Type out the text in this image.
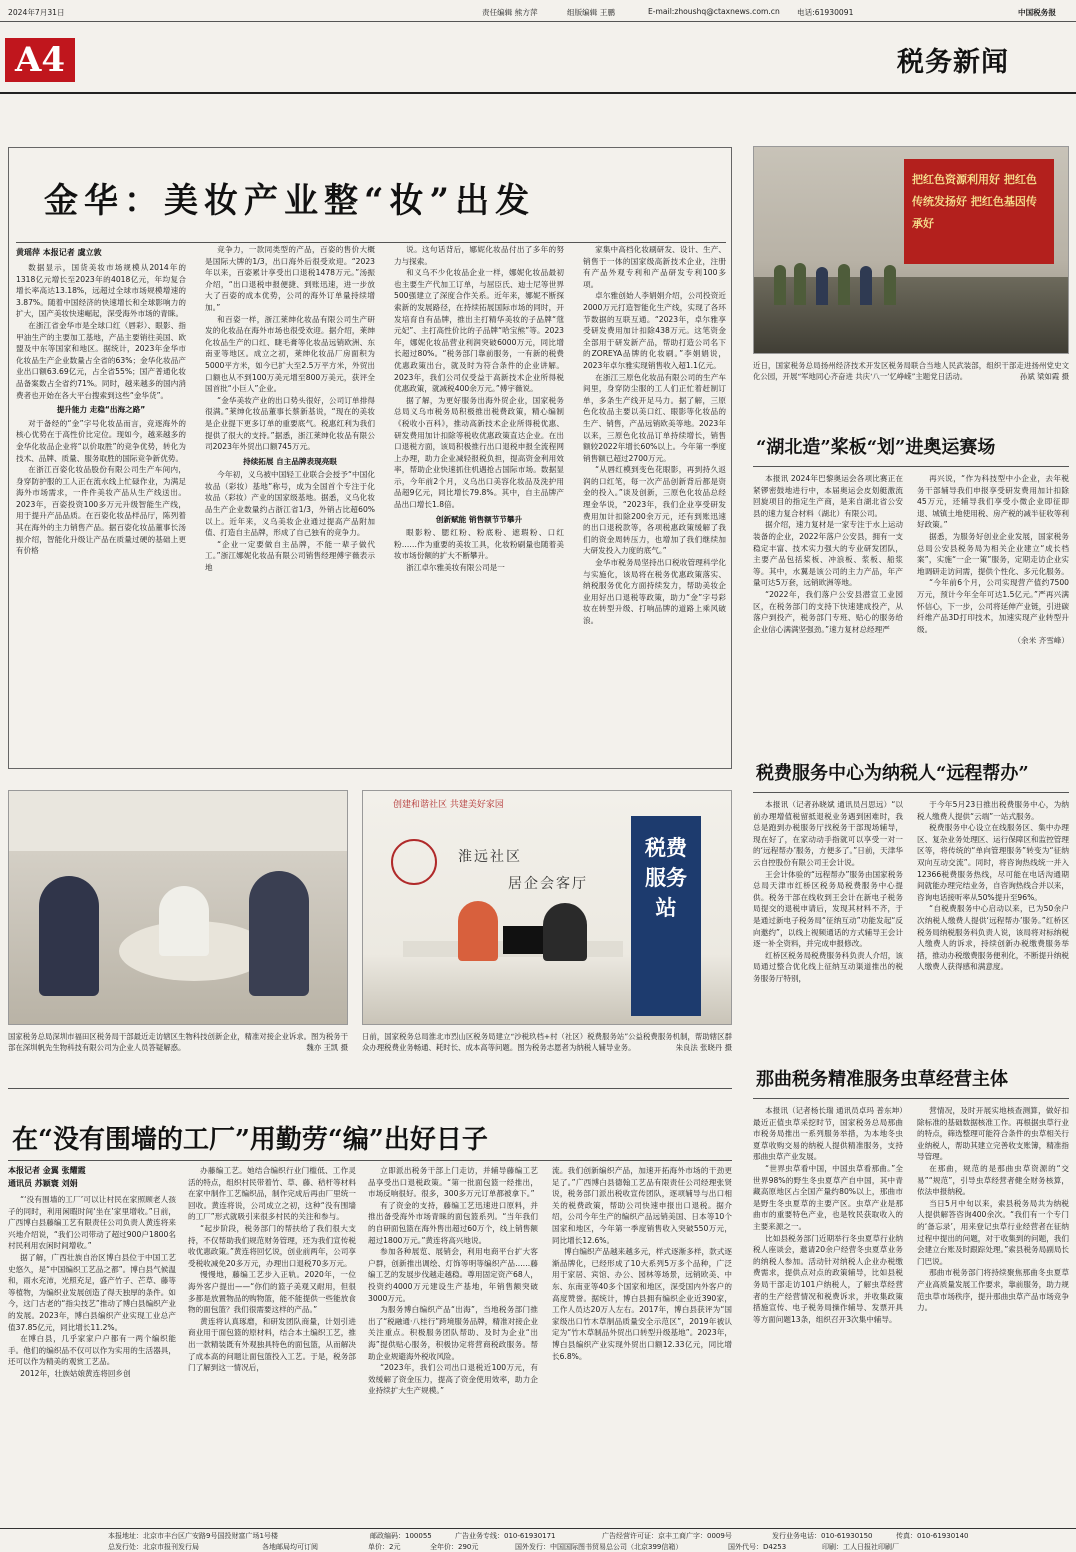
2024年7月31日	责任编辑 熊方萍	组版编辑 王鹏	E-mail:zhoushq@ctaxnews.com.cn 电话:61930091	中国税务报
A4	税务新闻
金华：美妆产业整“妆”出发
黄瑶萍 本报记者 虞立敦

数据显示，国货美妆市场规模从2014年的1318亿元增长至2023年的4018亿元，年均复合增长率高达13.18%，远超过全球市场规模增速的3.87%。随着中国经济的快速增长和全球影响力的扩大，国产美妆快速崛起，深受海外市场的青睐。

在浙江省金华市是全球口红（唇彩）、眼影、指甲油生产的主要加工基地，产品主要销往美国、欧盟及中东等国家和地区。据统计，2023年金华市化妆品生产企业数量占全省的63%；金华化妆品产业出口额63.69亿元，占全省55%；国产普通化妆品备案数占全省约71%。同时，越来越多的国内消费者也开始在各大平台搜索到这些“金华货”。

提升能力 走稳“出海之路”

对于备经的“金”字号化妆品而言，竞逐海外的核心优势在于高性价比定位。现如今，越来越多的金华化妆品企业将“以价取胜”的竞争优势，转化为技术、品牌、质量、服务取胜的国际竞争新优势。

在浙江百姿化妆品股份有限公司生产车间内，身穿防护服的工人正在流水线上忙碌作业，为满足海外市场需求，一件件美妆产品从生产线送出。2023年，百姿投资100多万元升级智能生产线，用于提升产品品质。在百姿化妆品样品厅，陈列着其在海外的主力销售产品。据百姿化妆品董事长汤振介绍，智能化升级让产品在质量过硬的基础上更有价格

竞争力，一款同类型的产品，百姿的售价大概是国际大牌的1/3，出口海外后很受欢迎。“2023年以来，百姿累计享受出口退税1478万元。”汤振介绍，“出口退税申报便捷、到账迅速，进一步放大了百姿的成本优势，公司的海外订单量持续增加。”

和百姿一样，浙江莱绅化妆品有限公司生产研发的化妆品在海外市场也很受欢迎。据介绍，莱绅化妆品生产的口红、睫毛膏等化妆品远销欧洲、东南亚等地区。成立之初，莱绅化妆品厂房面积为5000平方米，如今已扩大至2.5万平方米，外贸出口额也从不到100万美元增至800万美元，获评全国首批“小巨人”企业。

“金华美妆产业的出口势头很好，公司订单排得很满。”莱绅化妆品董事长蔡新基说，“现在的美妆是企业提下更多订单的重要底气。税惠红利为我们提供了很大的支持。”据悉，浙江莱绅化妆品有限公司2023年外贸出口额745万元。

持续拓展 自主品牌表现亮眼

今年初，义乌被中国轻工业联合会授予“中国化妆品（彩妆）基地”称号，成为全国首个专注于化妆品（彩妆）产业的国家级基地。据悉，义乌化妆品生产企业数量约占浙江省1/3，外销占比超60%以上。近年来，义乌美妆企业通过提高产品附加值、打造自主品牌，形成了自己独有的竞争力。

“企业一定要做自主品牌，不能一辈子做代工。”浙江娜妮化妆品有限公司销售经理傅宇薇表示地

说。这句话背后，娜妮化妆品付出了多年的努力与探索。

和义乌不少化妆品企业一样，娜妮化妆品最初也主要生产代加工订单，与屈臣氏、迪士尼等世界500强建立了深度合作关系。近年来，娜妮不断探索新的发展路径，在持续拓展国际市场的同时，开发培育自有品牌，推出主打精华美妆的子品牌“蔻元妃”、主打高性价比的子品牌“哈宝熊”等。2023年，娜妮化妆品营业利润突破6000万元，同比增长超过80%。“税务部门靠前服务，一有新的税费优惠政策出台，就及时为符合条件的企业讲解。2023年，我们公司仅受益于高新技术企业所得税优惠政策，就减税400余万元。”傅宇薇说。

据了解，为更好服务出海外贸企业，国家税务总局义乌市税务局积极推出税费政策，精心编制《税收小百科》，推动高新技术企业所得税优惠、研发费用加计扣除等税收优惠政策直达企业。在出口退税方面，该局积极推行出口退税申报全流程网上办理，助力企业减轻报税负担，提高资金利用效率，帮助企业快速抓住机遇抢占国际市场。数据显示，今年前2个月，义乌出口美容化妆品及洗护用品超9亿元，同比增长79.8%。其中，自主品牌产品出口增长1.8倍。

创新赋能 销售额节节攀升

眼影粉、腮红粉、粉底粉、遮瑕粉、口红粉……作为重要的美妆工具，化妆粉刷量也随着美妆市场份额的扩大不断攀升。

浙江卓尔雅美妆有限公司是一

家集中高档化妆刷研发、设计、生产、销售于一体的国家级高新技术企业，注册有产品外观专利和产品研发专利100多项。

卓尔雅创始人李娟娟介绍，公司投资近2000万元打造智能化生产线，实现了各环节数据的互联互通。“2023年，卓尔雅享受研发费用加计扣除438万元。这笔资金全部用于研发新产品，帮助打造公司名下的ZOREYA品牌的化妆刷。”李娟娟说，2023年卓尔雅实现销售收入超1.1亿元。

在浙江三原色化妆品有限公司的生产车间里，身穿防尘服的工人们正忙着赶制订单，多条生产线开足马力。据了解，三原色化妆品主要以美口红、眼影等化妆品的生产、销售，产品远销欧美等地。2023年以来，三原色化妆品订单持续增长，销售额较2022年增长60%以上。今年第一季度销售额已超过2700万元。

“从唇红模到变色花眼影，再到持久返润的口红笔，每一次产品创新背后都是资金的投入。”谈及创新，三原色化妆品总经理金华说，“2023年，我们企业享受研发费用加计扣除200余万元，还有到账迅速的出口退税款等，各项税惠政策缓解了我们的资金周转压力，也增加了我们继续加大研发投入力度的底气。”

金华市税务局坚持出口税收管理科学化与实施化，该局将在税务优惠政策落实、纳税服务优化方面持续发力，帮助美妆企业用好出口退税等政策，助力“金”字号彩妆在转型升级、打响品牌的道路上乘风破浪。

把红色资源利用好 把红色传统发扬好 把红色基因传承好
近日，国家税务总局扬州经济技术开发区税务局联合当地人民武装部，组织干部走进扬州党史文化公园，开展“军地同心齐奋进 共庆‘八一’忆峥嵘”主题党日活动。	孙斌 梁如霞 摄
“湖北造”桨板“划”进奥运赛场

本报讯 2024年巴黎奥运会各项比赛正在紧锣密鼓地进行中，本届奥运会皮划艇激流回旋项目的指定生产商，是来自湖北省公安县的速力复合材料（湖北）有限公司。

据介绍，速力复材是一家专注于水上运动装备的企业，2022年落户公安县，拥有一支稳定丰富、技术实力强大的专业研发团队，主要产品包括桨板、冲浪板、浆板、船浆等。其中，水翼是该公司的主力产品，年产量可达5万套，远销欧洲等地。

“2022年，我们落户公安县潜宣工业园区，在税务部门的支持下快速建成投产，从落户到投产，税务部门专班、贴心的服务给企业信心满满坚强劲。”速力复材总经理严

再兴说，“作为科技型中小企业，去年税务干部辅导我们申报享受研发费用加计扣除45万元，还辅导我们享受小微企业即征即退、城镇土地使用税、房产税的减半征收等利好政策。”

据悉，为服务好创业企业发展，国家税务总局公安县税务局为相关企业建立“成长档案”，实施“一企一策”服务，定期走访企业实地调研走访问需，提供个性化、多元化服务。

“今年前6个月，公司实现营产值约7500万元，预计今年全年可达1.5亿元。”严再兴满怀信心，下一步，公司将延伸产业链，引进碳纤维产品3D打印技术，加速实现产业转型升级。

（余米 齐雪峰）

税费服务中心为纳税人“远程帮办”

本报讯（记者孙晓斌 通讯员吕思远）“以前办理增值税留抵退税业务遇到困难时，我总是跑到办税服务厅找税务干部现场辅导，现在好了，在家动动手指就可以享受一对一的‘远程帮办’服务，方便多了。”日前，天津华云自控股份有限公司王会计说。

王会计体验的“远程帮办”服务由国家税务总局天津市红桥区税务局税费服务中心提供。税务干部在线收到王会计在新电子税务局提交的退税申请后，发现其材料不齐，于是通过新电子税务局“征纳互动”功能发起“反向邀约”，以线上视频通话的方式辅导王会计逐一补全资料，并完成申报修改。

红桥区税务局税费服务科负责人介绍，该局通过整合优化线上征纳互动渠道推出的税务服务厅特别，

于今年5月23日推出税费服务中心，为纳税人缴费人提供“云端”一站式服务。

税费服务中心设立在线服务区、集中办理区、复杂业务处理区、运行保障区和监控管理区等，将传统的“单向管理服务”转变为“征纳双向互动交流”。同时，将咨询热线统一并入12366税费服务热线，尽可能在电话沟通期间就能办理完结业务，自咨询热线合并以来，咨询电话接听率从50%提升至96%。

“自税费服务中心启动以来，已为50余户次纳税人缴费人提供‘远程帮办’服务。”红桥区税务局纳税服务科负责人说，该局将对标纳税人缴费人的诉求，持续创新办税缴费服务举措，推动办税缴费服务便利化，不断提升纳税人缴费人获得感和满意度。

国家税务总局深圳市福田区税务局干部最近走访辖区生物科技创新企业，精准对接企业诉求。图为税务干部在深圳帆先生物科技有限公司为企业人员答疑解惑。	魏亦 王凯 摄
创建和谐社区 共建美好家园
淮远社区
居企会客厅
税费服务站
日前，国家税务总局淮北市烈山区税务局建立“沙税玖档+村（社区）税费服务站”公益税费服务机制，帮助辖区群众办理税费业务畅通、耗时长、成本高等问题。图为税务志愿者为纳税人辅导业务。	朱良法 张晓丹 摄
那曲税务精准服务虫草经营主体

本报讯（记者杨长瑞 通讯员卓玛 普东坤）最近正值虫草采挖时节，国家税务总局那曲市税务局推出一系列服务举措，为本地冬虫夏草收购交易的纳税人提供精准服务，支持那曲虫草产业发展。

“世界虫草看中国，中国虫草看那曲。”全世界98%的野生冬虫夏草产自中国，其中青藏高原地区占全国产量约80%以上，那曲市是野生冬虫夏草的主要产区。虫草产业是那曲市的重要特色产业，也是牧民获取收入的主要来源之一。

比如县税务部门近期举行冬虫夏草行业纳税人座谈会，邀请20余户经营冬虫夏草业务的纳税人参加。活动针对纳税人企业办税缴费需求，提供点对点的政策辅导，比如县税务局干部走访101户纳税人，了解虫草经营者的生产经营情况和税费诉求，并收集政策措施宣传、电子税务局操作辅导、发票开具等方面问题13条，组织召开3次集中辅导。

营情况，及时开展实地核查测算，做好扣除标准的基础数据核准工作。再根据虫草行业的特点，筛选整理可能符合条件的虫草相关行业纳税人，帮助其建立完善收支账簿，精准指导管理。

在那曲，规范的是那曲虫草资源的“交易”“规范”，引导虫草经营者健全财务核算，依法申报纳税。

当日5月中旬以来，索县税务局共为纳税人提供解答咨询400余次。“我们有一个专门的‘备忘录’，用来登记虫草行业经营者在征纳过程中提出的问题，对于收集到的问题，我们会建立台账及时跟踪处理。”索县税务局副局长门巴说。

那曲市税务部门将持续聚焦那曲冬虫夏草产业高质量发展工作要求，靠前服务，助力规范虫草市场秩序，提升那曲虫草产品市场竞争力。

在“没有围墙的工厂”用勤劳“编”出好日子
本报记者 金翼 张耀霞
通讯员 苏颖寰 刘娟

“‘没有围墙的工厂’可以让村民在家照顾老人孩子的同时，利用闲暇时间‘坐在’家里增收。”日前，广西博白县藤编工艺有限责任公司负责人黄连将来兴地介绍说，“我们公司带动了超过900户1800名村民利用农闲时间增收。”

据了解，广西壮族自治区博白县位于中国工艺史悠久，是“中国编织工艺品之都”。博白县气候温和，雨水充沛，光照充足，盛产竹子、芒草、藤等等植物，为编织业发展创造了得天独厚的条件。如今，这门古老的“指尖技艺”推动了博白县编织产业的发展。2023年，博白县编织产业实现工业总产值37.85亿元，同比增长11.2%。

在博白县，几乎家家户户都有一两个编织能手。他们的编织品不仅可以作为实用的生活器具，还可以作为精美的观赏工艺品。

2012年，壮族姑娘黄连将回乡创

办藤编工艺。她结合编织行业门槛低、工作灵活的特点，组织村民带着竹、草、藤、秸杆等材料在家中制作工艺编织品，制作完成后再由厂里统一回收。黄连将说，公司成立之初，这种“没有围墙的工厂”形式就吸引来很多村民的关注和参与。

“起步阶段，税务部门的帮扶给了我们很大支持，不仅帮助我们规范财务管理，还为我们宣传税收优惠政策。”黄连将回忆说，创业前两年，公司享受税收减免20多万元，办理出口退税70多万元。

慢慢地，藤编工艺步入正轨。2020年，一位海外客户提出——“你们的篮子美观又耐用，但很多都是放置物品的购物篮，能不能提供一些能放食物的面包篮？我们很需要这样的产品。”

黄连将认真琢磨，和研发团队商量，计划引进商业用于面包篮的原材料，结合本土编织工艺，推出一款精装既有外观独具特色的面包篮，从而解决了成本高的问题让面包篮投入工艺。于是，税务部门了解到这一情况后，

立即派出税务干部上门走访，并辅导藤编工艺品享受出口退税政策。“第一批面包篮一经推出，市场反响很好。很多，300多万元订单都被拿下。”

有了资金的支持，藤编工艺迅速进口原料，并推出备受海外市场青睐的面包篮系列。“当年我们的自研面包篮在海外售出超过60万个，线上销售额超过1800万元。”黄连将高兴地说。

参加各种展览、展销会，利用电商平台扩大客户群，创新推出调绘、灯饰等明等编织产品……藤编工艺的发展步伐越走越稳。尊用固定资产68人，投资约4000万元建设生产基地，年销售额突破3000万元。

为服务博白编织产品“出海”，当地税务部门推出了“税融通·八桂行”跨境服务品牌，精准对接企业关注重点。积极服务团队帮助、及时为企业“出海”提供贴心服务，积极协定将营商税政服务。帮助企业规避海外税收风险。

“2023年，我们公司出口退税近100万元，有效缓解了资金压力，提高了资金使用效率，助力企业持续扩大生产规模。”

流。我们创新编织产品，加速开拓海外市场的干劲更足了。”广西博白县德翰工艺品有限责任公司经理张贤说，税务部门派出税收宣传团队，逐项辅导与出口相关的税费政策，帮助公司快速申报出口退税。据介绍，公司今年生产的编织产品远销美国、日本等10个国家和地区，今年第一季度销售收入突破550万元，同比增长12.6%。

博白编织产品越来越多元，样式逐渐多样，款式逐渐品牌化，已经形成了10大系列5万多个品种，广泛用于家居、宾馆、办公、园林等场景，远销欧美、中东、东南亚等40多个国家和地区，深受国内外客户的高度赞誉。据统计，博白县拥有编织企业近390家，工作人员达20万人左右。2017年，博白县获评为“国家级出口竹木草制品质量安全示范区”，2019年被认定为“竹木草制品外贸出口转型升级基地”。2023年，博白县编织产业实现外贸出口额12.33亿元，同比增长6.8%。

本报地址：北京市丰台区广安路9号国投财富广场1号楼	邮政编码：100055	广告业务专线：010-61930171	广告经营许可证：京丰工商广字：0009号	发行业务电话：010-61930150	传真：010-61930140
总发行处：北京市报刊发行局	各地邮局均可订阅	单价：2元	全年价：290元	国外发行：中国国际图书贸易总公司（北京399信箱）	国外代号：D4253	印刷：工人日报社印刷厂
